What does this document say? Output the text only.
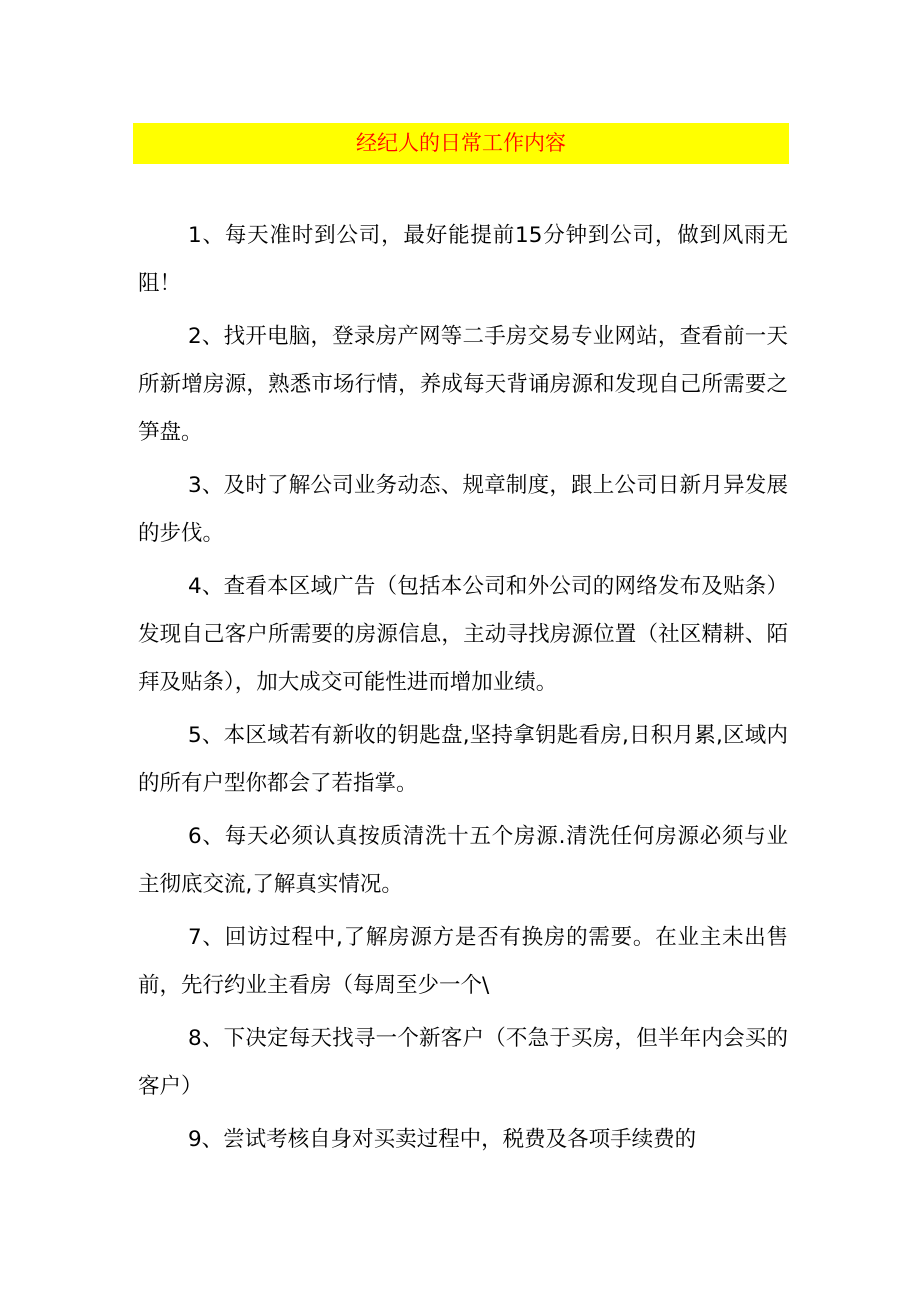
经纪人的日常工作内容

1、每天准时到公司，最好能提前15分钟到公司，做到风雨无阻！

2、找开电脑，登录房产网等二手房交易专业网站，查看前一天所新增房源，熟悉市场行情，养成每天背诵房源和发现自己所需要之笋盘。

3、及时了解公司业务动态、规章制度，跟上公司日新月异发展的步伐。

4、查看本区域广告（包括本公司和外公司的网络发布及贴条）发现自己客户所需要的房源信息，主动寻找房源位置（社区精耕、陌拜及贴条），加大成交可能性进而增加业绩。

5、本区域若有新收的钥匙盘,坚持拿钥匙看房,日积月累,区域内的所有户型你都会了若指掌。

6、每天必须认真按质清洗十五个房源.清洗任何房源必须与业主彻底交流,了解真实情况。

7、回访过程中,了解房源方是否有换房的需要。在业主未出售前，先行约业主看房（每周至少一个\

8、下决定每天找寻一个新客户（不急于买房，但半年内会买的客户）

9、尝试考核自身对买卖过程中，税费及各项手续费的
